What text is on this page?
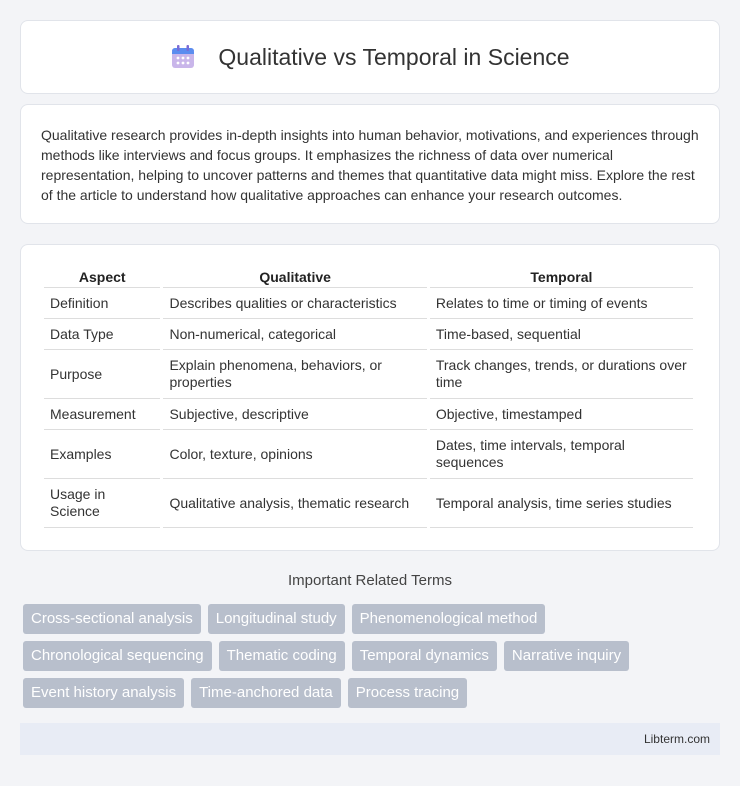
Qualitative vs Temporal in Science

Qualitative research provides in-depth insights into human behavior, motivations, and experiences through methods like interviews and focus groups. It emphasizes the richness of data over numerical representation, helping to uncover patterns and themes that quantitative data might miss. Explore the rest of the article to understand how qualitative approaches can enhance your research outcomes.

Aspect	Qualitative	Temporal
Definition	Describes qualities or characteristics	Relates to time or timing of events
Data Type	Non-numerical, categorical	Time-based, sequential
Purpose	Explain phenomena, behaviors, or properties	Track changes, trends, or durations over time
Measurement	Subjective, descriptive	Objective, timestamped
Examples	Color, texture, opinions	Dates, time intervals, temporal sequences
Usage in Science	Qualitative analysis, thematic research	Temporal analysis, time series studies
Important Related Terms
Cross-sectional analysis	Longitudinal study	Phenomenological method
Chronological sequencing	Thematic coding	Temporal dynamics	Narrative inquiry
Event history analysis	Time-anchored data	Process tracing
Libterm.com
